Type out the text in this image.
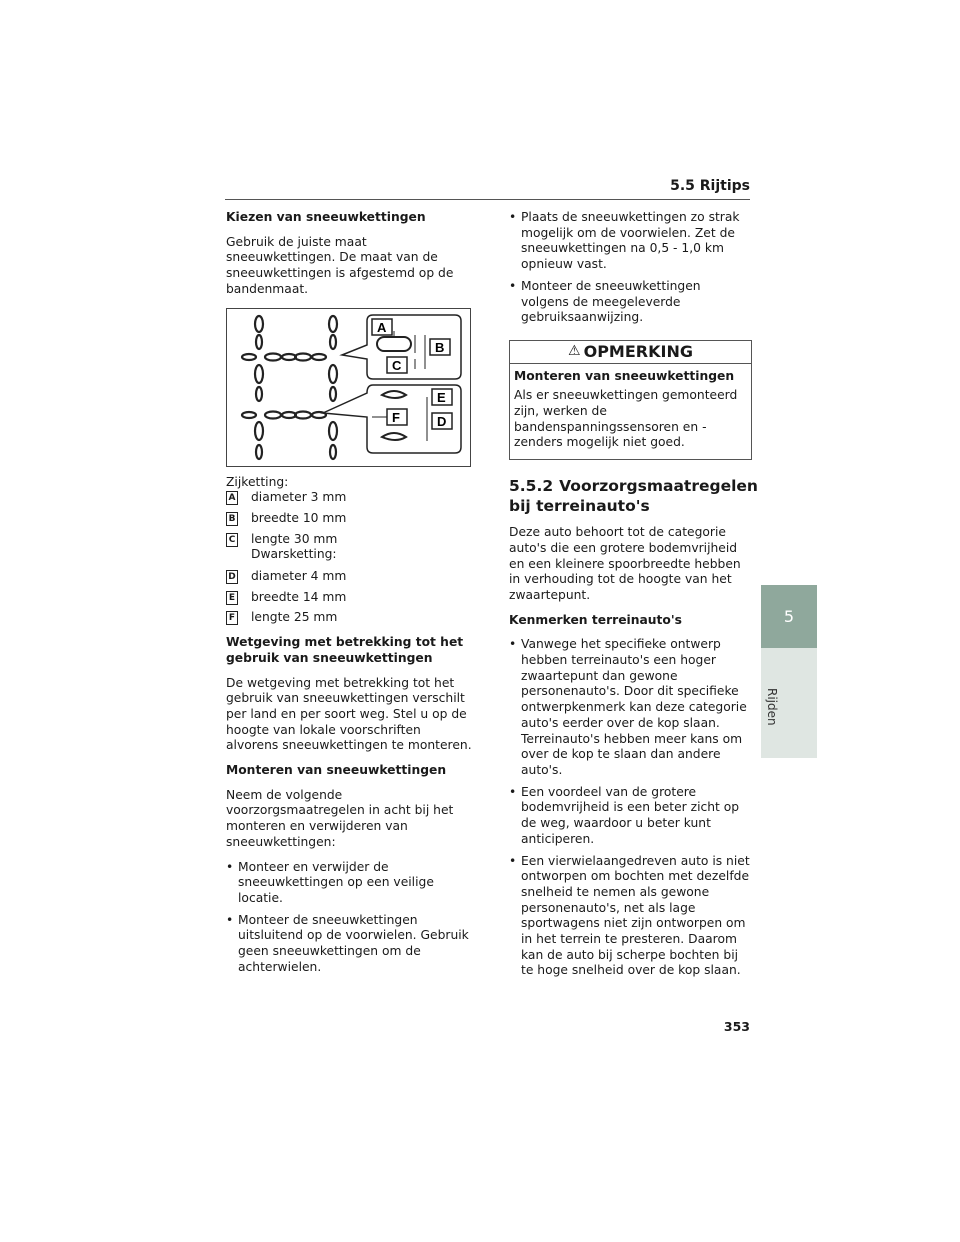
5.5 Rijtips
Kiezen van sneeuwkettingen

Gebruik de juiste maat sneeuwkettingen. De maat van de sneeuwkettingen is afgestemd op de bandenmaat.

A
B
C
E
F	D
Zijketting:
A diameter 3 mm
B breedte 10 mm
C lengte 30 mm
Dwarsketting:
D diameter 4 mm
E breedte 14 mm
F lengte 25 mm
Wetgeving met betrekking tot het gebruik van sneeuwkettingen

De wetgeving met betrekking tot het gebruik van sneeuwkettingen verschilt per land en per soort weg. Stel u op de hoogte van lokale voorschriften alvorens sneeuwkettingen te monteren.

Monteren van sneeuwkettingen

Neem de volgende voorzorgsmaatregelen in acht bij het monteren en verwijderen van sneeuwkettingen:

• Monteer en verwijder de sneeuwkettingen op een veilige locatie.
• Monteer de sneeuwkettingen uitsluitend op de voorwielen. Gebruik geen sneeuwkettingen om de achterwielen.
• Plaats de sneeuwkettingen zo strak mogelijk om de voorwielen. Zet de sneeuwkettingen na 0,5 - 1,0 km opnieuw vast.
• Monteer de sneeuwkettingen volgens de meegeleverde gebruiksaanwijzing.
⚠ OPMERKING

Monteren van sneeuwkettingen

Als er sneeuwkettingen gemonteerd zijn, werken de bandenspanningssensoren en -zenders mogelijk niet goed.

5.5.2 Voorzorgsmaatregelen bij terreinauto's

Deze auto behoort tot de categorie auto's die een grotere bodemvrijheid en een kleinere spoorbreedte hebben in verhouding tot de hoogte van het zwaartepunt.

Kenmerken terreinauto's
• Vanwege het specifieke ontwerp hebben terreinauto's een hoger zwaartepunt dan gewone personenauto's. Door dit specifieke ontwerpkenmerk kan deze categorie auto's eerder over de kop slaan. Terreinauto's hebben meer kans om over de kop te slaan dan andere auto's.
• Een voordeel van de grotere bodemvrijheid is een beter zicht op de weg, waardoor u beter kunt anticiperen.
• Een vierwielaangedreven auto is niet ontworpen om bochten met dezelfde snelheid te nemen als gewone personenauto's, net als lage sportwagens niet zijn ontworpen om in het terrein te presteren. Daarom kan de auto bij scherpe bochten bij te hoge snelheid over de kop slaan.
5
Rijden
353
